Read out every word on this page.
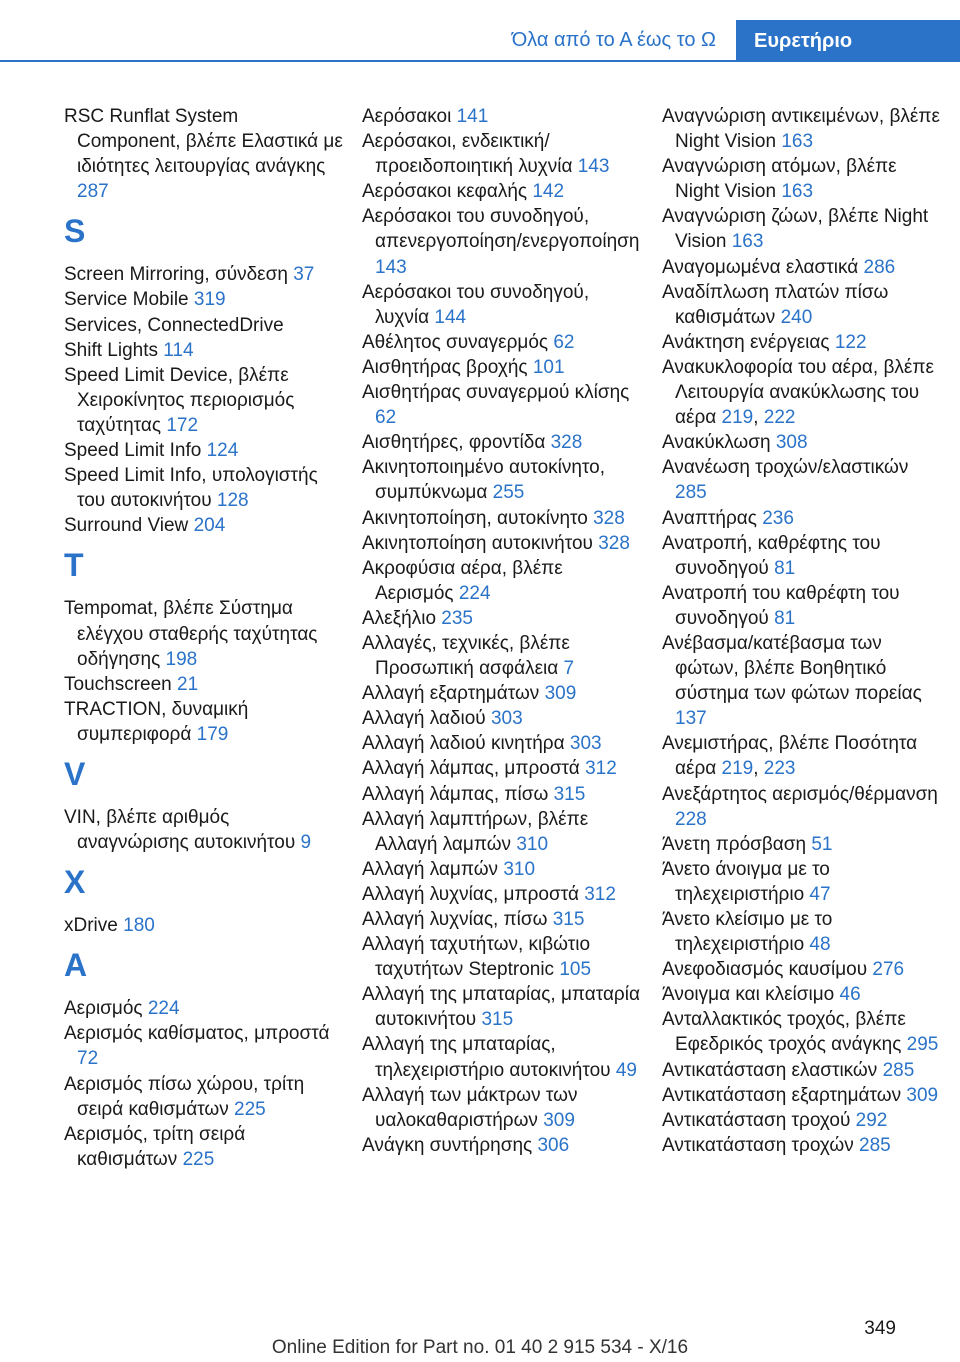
Όλα από το Α έως το Ω	Ευρετήριο

RSC Runflat System Component, βλέπε Ελαστικά με ιδιότητες λειτουργίας ανάγκης 287

S

Screen Mirroring, σύνδεση 37

Service Mobile 319

Services, ConnectedDrive

Shift Lights 114

Speed Limit Device, βλέπε Χειροκίνητος περιορισμός ταχύτητας 172

Speed Limit Info 124

Speed Limit Info, υπολογιστής του αυτοκινήτου 128

Surround View 204

T

Tempomat, βλέπε Σύστημα ελέγχου σταθερής ταχύτητας οδήγησης 198

Touchscreen 21

TRACTION, δυναμική συμπεριφορά 179

V

VIN, βλέπε αριθμός αναγνώρισης αυτοκινήτου 9

X

xDrive 180

A

Αερισμός 224

Αερισμός καθίσματος, μπροστά 72

Αερισμός πίσω χώρου, τρίτη σειρά καθισμάτων 225

Αερισμός, τρίτη σειρά καθισμάτων 225

Αερόσακοι 141

Αερόσακοι, ενδεικτική/προειδοποιητική λυχνία 143

Αερόσακοι κεφαλής 142

Αερόσακοι του συνοδηγού, απενεργοποίηση/ενεργοποίηση 143

Αερόσακοι του συνοδηγού, λυχνία 144

Αθέλητος συναγερμός 62

Αισθητήρας βροχής 101

Αισθητήρας συναγερμού κλίσης 62

Αισθητήρες, φροντίδα 328

Ακινητοποιημένο αυτοκίνητο, συμπύκνωμα 255

Ακινητοποίηση, αυτοκίνητο 328

Ακινητοποίηση αυτοκινήτου 328

Ακροφύσια αέρα, βλέπε Αερισμός 224

Αλεξήλιο 235

Αλλαγές, τεχνικές, βλέπε Προσωπική ασφάλεια 7

Αλλαγή εξαρτημάτων 309

Αλλαγή λαδιού 303

Αλλαγή λαδιού κινητήρα 303

Αλλαγή λάμπας, μπροστά 312

Αλλαγή λάμπας, πίσω 315

Αλλαγή λαμπτήρων, βλέπε Αλλαγή λαμπών 310

Αλλαγή λαμπών 310

Αλλαγή λυχνίας, μπροστά 312

Αλλαγή λυχνίας, πίσω 315

Αλλαγή ταχυτήτων, κιβώτιο ταχυτήτων Steptronic 105

Αλλαγή της μπαταρίας, μπαταρία αυτοκινήτου 315

Αλλαγή της μπαταρίας, τηλεχειριστήριο αυτοκινήτου 49

Αλλαγή των μάκτρων των υαλοκαθαριστήρων 309

Ανάγκη συντήρησης 306

Αναγνώριση αντικειμένων, βλέπε Night Vision 163

Αναγνώριση ατόμων, βλέπε Night Vision 163

Αναγνώριση ζώων, βλέπε Night Vision 163

Αναγομωμένα ελαστικά 286

Αναδίπλωση πλατών πίσω καθισμάτων 240

Ανάκτηση ενέργειας 122

Ανακυκλοφορία του αέρα, βλέπε Λειτουργία ανακύκλωσης του αέρα 219, 222

Ανακύκλωση 308

Ανανέωση τροχών/ελαστικών 285

Αναπτήρας 236

Ανατροπή, καθρέφτης του συνοδηγού 81

Ανατροπή του καθρέφτη του συνοδηγού 81

Ανέβασμα/κατέβασμα των φώτων, βλέπε Βοηθητικό σύστημα των φώτων πορείας 137

Ανεμιστήρας, βλέπε Ποσότητα αέρα 219, 223

Ανεξάρτητος αερισμός/θέρμανση 228

Άνετη πρόσβαση 51

Άνετο άνοιγμα με το τηλεχειριστήριο 47

Άνετο κλείσιμο με το τηλεχειριστήριο 48

Ανεφοδιασμός καυσίμου 276

Άνοιγμα και κλείσιμο 46

Ανταλλακτικός τροχός, βλέπε Εφεδρικός τροχός ανάγκης 295

Αντικατάσταση ελαστικών 285

Αντικατάσταση εξαρτημάτων 309

Αντικατάσταση τροχού 292

Αντικατάσταση τροχών 285

349
Online Edition for Part no. 01 40 2 915 534 - X/16
